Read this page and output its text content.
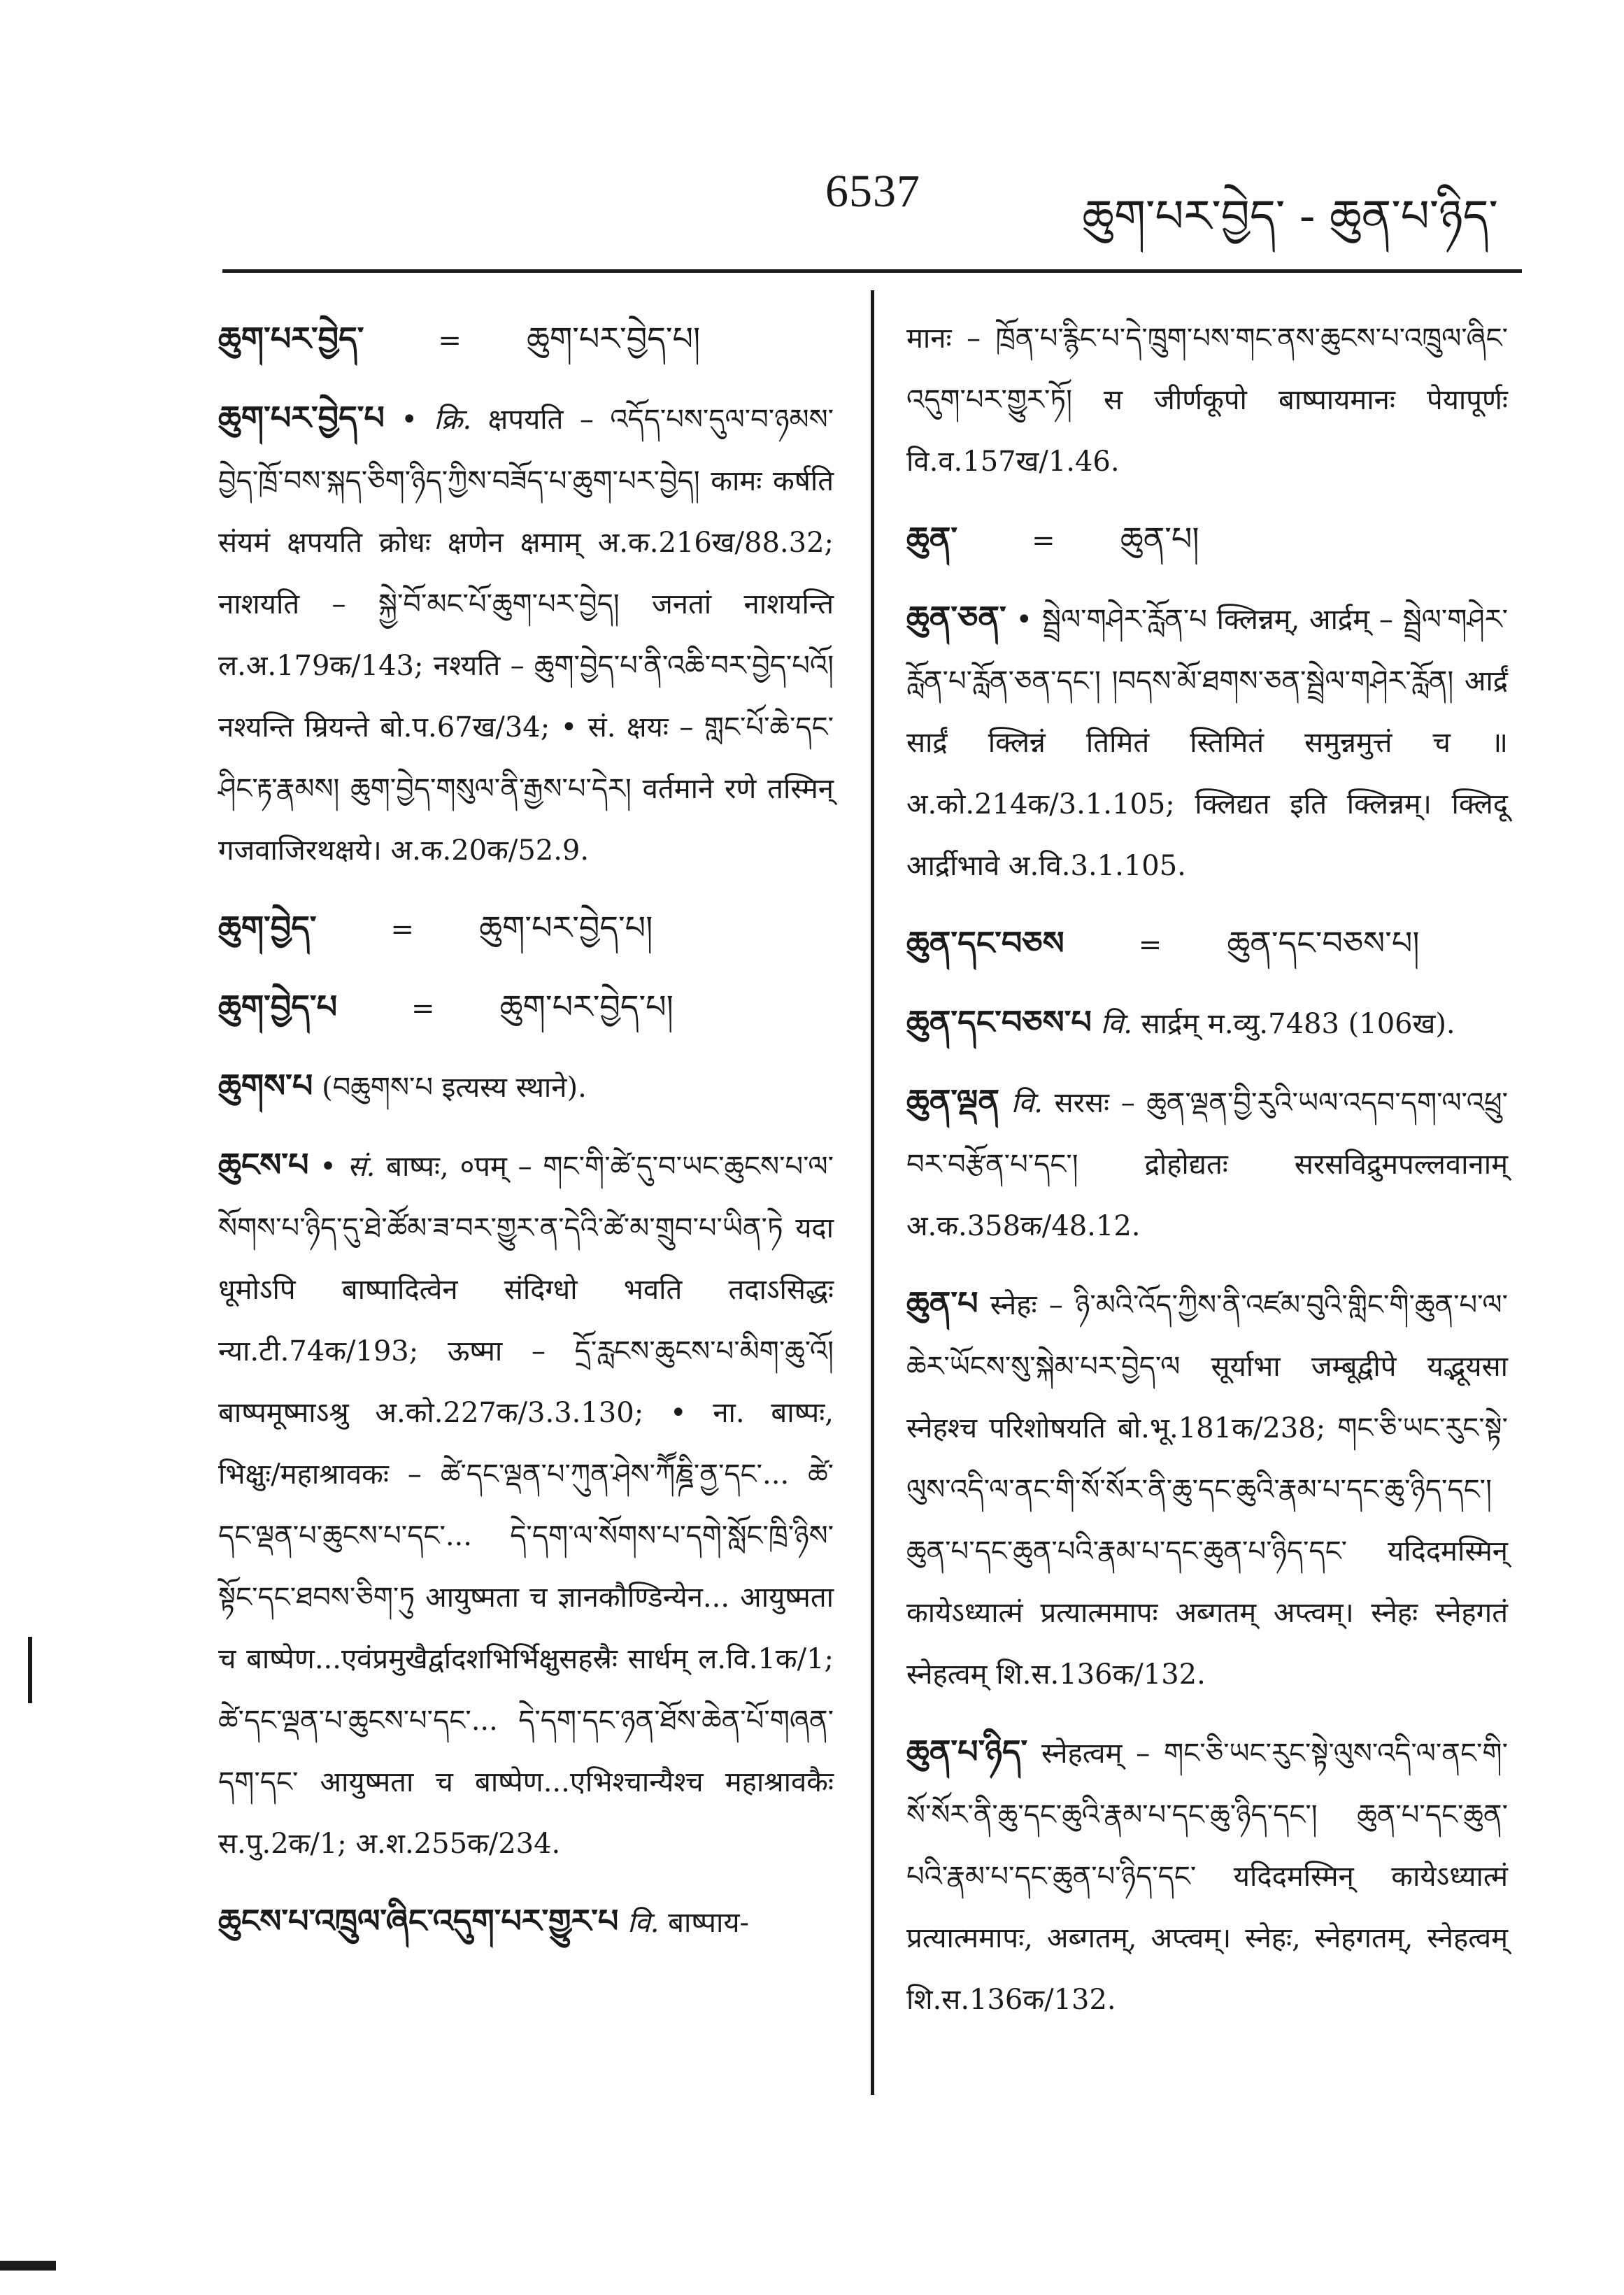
6537	ཆུག་པར་བྱེད་ - ཆུན་པ་ཉིད་

ཆུག་པར་བྱེད་	= ཆུག་པར་བྱེད་པ།

ཆུག་པར་བྱེད་པ • क्रि. क्षपयति – འདོད་པས་དུལ་བ་ཉམས་བྱེད་ཁྲོ་བས་སྐད་ཅིག་ཉིད་ཀྱིས་བཟོད་པ་ཆུག་པར་བྱེད། कामः कर्षति संयमं क्षपयति क्रोधः क्षणेन क्षमाम् अ.क.216ख/88.32; नाशयति – སྐྱེ་བོ་མང་པོ་ཆུག་པར་བྱེད། जनतां नाशयन्ति ल.अ.179क/143; नश्यति – ཆུག་བྱེད་པ་ནི་འཆི་བར་བྱེད་པའོ། नश्यन्ति म्रियन्ते बो.प.67ख/34; • सं. क्षयः – གླང་པོ་ཆེ་དང་ཤིང་རྟ་རྣམས། ཆུག་བྱེད་གསུལ་ནི་རྒྱས་པ་དེར། वर्तमाने रणे तस्मिन् गजवाजिरथक्षये। अ.क.20क/52.9.

ཆུག་བྱེད་	= ཆུག་པར་བྱེད་པ།

ཆུག་བྱེད་པ	= ཆུག་པར་བྱེད་པ།

ཆུགས་པ (བཆུགས་པ इत्यस्य स्थाने).

ཆུངས་པ • सं. बाष्पः, ०पम् – གང་གི་ཚེ་དུ་བ་ཡང་ཆུངས་པ་ལ་སོགས་པ་ཉིད་དུ་ཐེ་ཚོམ་ཟ་བར་གྱུར་ན་དེའི་ཚེ་མ་གྲུབ་པ་ཡིན་ཏེ यदा धूमोऽपि बाष्पादित्वेन संदिग्धो भवति तदाऽसिद्धः न्या.टी.74क/193; ऊष्मा – དྲོ་རླངས་ཆུངས་པ་མིག་ཆུ་འོ། बाष्पमूष्माऽश्रु अ.को.227क/3.3.130; • ना. बाष्पः, भिक्षुः/महाश्रावकः – ཚེ་དང་ལྡན་པ་ཀུན་ཤེས་ཀཽཎྜི་ནྱ་དང་... ཚེ་དང་ལྡན་པ་ཆུངས་པ་དང་... དེ་དག་ལ་སོགས་པ་དགེ་སློང་ཁྲི་ཉིས་སྟོང་དང་ཐབས་ཅིག་ཏུ आयुष्मता च ज्ञानकौण्डिन्येन... आयुष्मता च बाष्पेण...एवंप्रमुखैर्द्वादशभिर्भिक्षुसहस्रैः सार्धम् ल.वि.1क/1; ཚེ་དང་ལྡན་པ་ཆུངས་པ་དང་... དེ་དག་དང་ཉན་ཐོས་ཆེན་པོ་གཞན་དག་དང་ आयुष्मता च बाष्पेण...एभिश्चान्यैश्च महाश्रावकैः स.पु.2क/1; अ.श.255क/234.

ཆུངས་པ་འཁྲུལ་ཞིང་འདུག་པར་གྱུར་པ वि. बाष्पाय-

मानः – ཁྲོན་པ་རྙིང་པ་དེ་ཁྲུག་པས་གང་ནས་ཆུངས་པ་འཁྲུལ་ཞིང་འདུག་པར་གྱུར་ཏོ། स जीर्णकूपो बाष्पायमानः पेयापूर्णः वि.व.157ख/1.46.

ཆུན་	= ཆུན་པ།

ཆུན་ཅན་ • སྦྲེལ་གཤེར་རློན་པ क्लिन्नम्, आर्द्रम् – སྦྲེལ་གཤེར་རློན་པ་རློན་ཅན་དང་། །བདས་མོ་ཐགས་ཅན་སྦྲེལ་གཤེར་རློན། आर्द्रं सार्द्रं क्लिन्नं तिमितं स्तिमितं समुन्नमुत्तं च ॥ अ.को.214क/3.1.105; क्लिद्यत इति क्लिन्नम्। क्लिदू आर्द्रीभावे अ.वि.3.1.105.

ཆུན་དང་བཅས	= ཆུན་དང་བཅས་པ།

ཆུན་དང་བཅས་པ वि. सार्द्रम् म.व्यु.7483 (106ख).

ཆུན་ལྡན वि. सरसः – ཆུན་ལྡན་བྱི་རུའི་ཡལ་འདབ་དག་ལ་འཕྲུ་བར་བརྩོན་པ་དང་། द्रोहोद्यतः सरसविद्रुमपल्लवानाम् अ.क.358क/48.12.

ཆུན་པ स्नेहः – ཉི་མའི་འོད་ཀྱིས་ནི་འཛམ་བུའི་གླིང་གི་ཆུན་པ་ལ་ཆེར་ཡོངས་སུ་སྐེམ་པར་བྱེད་ལ सूर्याभा जम्बूद्वीपे यद्भूयसा स्नेहश्च परिशोषयति बो.भू.181क/238; གང་ཅི་ཡང་རུང་སྟེ་ལུས་འདི་ལ་ནང་གི་སོ་སོར་ནི་ཆུ་དང་ཆུའི་རྣམ་པ་དང་ཆུ་ཉིད་དང་། ཆུན་པ་དང་ཆུན་པའི་རྣམ་པ་དང་ཆུན་པ་ཉིད་དང་ यदिदमस्मिन् कायेऽध्यात्मं प्रत्यात्ममापः अब्गतम् अप्त्वम्। स्नेहः स्नेहगतं स्नेहत्वम् शि.स.136क/132.

ཆུན་པ་ཉིད་ स्नेहत्वम् – གང་ཅི་ཡང་རུང་སྟེ་ལུས་འདི་ལ་ནང་གི་སོ་སོར་ནི་ཆུ་དང་ཆུའི་རྣམ་པ་དང་ཆུ་ཉིད་དང་། ཆུན་པ་དང་ཆུན་པའི་རྣམ་པ་དང་ཆུན་པ་ཉིད་དང་ यदिदमस्मिन् कायेऽध्यात्मं प्रत्यात्ममापः, अब्गतम्, अप्त्वम्। स्नेहः, स्नेहगतम्, स्नेहत्वम् शि.स.136क/132.
